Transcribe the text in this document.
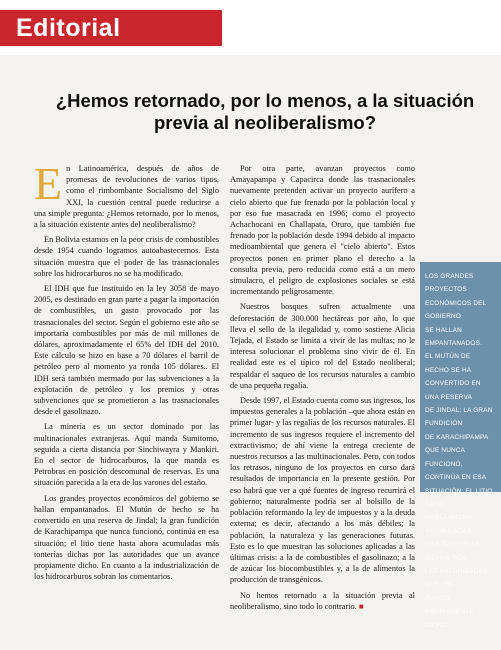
Editorial
¿Hemos retornado, por lo menos, a la situación previa al neoliberalismo?

En Latinoamérica, después de años de promesas de revoluciones de varios tipos, como el rimbombante Socialismo del Siglo XXI, la cuestión central puede reducirse a una simple pregunta: ¿Hemos retornado, por lo menos, a la situación existente antes del neoliberalismo?

En Bolivia estamos en la peor crisis de combustibles desde 1954 cuando logramos autoabastecernos. Esta situación muestra que el poder de las trasnacionales sobre los hidrocarburos no se ha modificado.

El IDH que fue instituido en la ley 3058 de mayo 2005, es destinado en gran parte a pagar la importación de combustibles, un gasto provocado por las trasnacionales del sector. Según el gobierno este año se importaría combustibles por más de mil millones de dólares, aproximadamente el 65% del IDH del 2010. Este cálculo se hizo en base a 70 dólares el barril de petróleo pero al momento ya ronda 105 dólares.. El IDH será también mermado por las subvenciones a la explotación de petróleo y los premios y otras subvenciones que se prometieron a las trasnacionales desde el gasolinazo.

La minería es un sector dominado por las multinacionales extranjeras. Aquí manda Sumitomo, seguida a cierta distancia por Sinchiwayra y Mankiri. En el sector de hidrocarburos, la que manda es Petrobras en posición descomunal de reservas. Es una situación parecida a la era de los varones del estaño.

Los grandes proyectos económicos del gobierno se hallan empantanados. El Mutún de hecho se ha convertido en una reserva de Jindal; la gran fundición de Karachipampa que nunca funcionó, continúa en esa situación; el litio tiene hasta ahora acumuladas más tonterías dichas por las autoridades que un avance propiamente dicho. En cuanto a la industrialización de los hidrocarburos sobran los comentarios.

Por otra parte, avanzan proyectos como Amayapampa y Capacirca donde las trasnacionales nuevamente pretenden activar un proyecto aurífero a cielo abierto que fue frenado por la población local y por eso fue masacrada en 1996; como el proyecto Achachocani en Challapata, Oruro, que también fue frenado por la población desde 1994 debido al impacto medioambiental que genera el "cielo abierto". Estos proyectos ponen en primer plano el derecho a la consulta previa, pero reducida como está a un mero simulacro, el peligro de explosiones sociales se está incrementando peligrosamente.

Nuestros bosques sufren actualmente una deforestación de 300.000 hectáreas por año, lo que lleva el sello de la ilegalidad y, como sostiene Alicia Tejada, el Estado se limita a vivir de las multas; no le interesa solucionar el problema sino vivir de él. En realidad este es el típico rol del Estado neoliberal; respaldar el saqueo de los recursos naturales a cambio de una pequeña regalía.

Desde 1997, el Estado cuenta como sus ingresos, los impuestos generales a la población –que ahora están en primer lugar- y las regalías de los recursos naturales. El incremento de sus ingresos requiere el incremento del extractivismo; de ahí viene la entrega creciente de nuestros recursos a las multinacionales. Pero, con todos los retrasos, ninguno de los proyectos en curso dará resultados de importancia en la presente gestión. Por eso habrá que ver a qué fuentes de ingreso recurrirá el gobierno; naturalmente podría ser al bolsillo de la población reformando la ley de impuestos y a la deuda externa; es decir, afectando a los más débiles; la población, la naturaleza y las generaciones futuras. Esto es lo que muestran las soluciones aplicadas a las últimas crisis: a la de combustibles el gasolinazo; a la de azúcar los biocombustibles y, a la de alimentos la producción de transgénicos.

No hemos retornado a la situación previa al neoliberalismo, sino todo lo contrario. ■

LOS GRANDES PROYECTOS
ECONÓMICOS DEL GOBIERNO
SE HALLAN EMPANTANADOS.
EL MUTÚN DE HECHO SE HA
CONVERTIDO EN UNA RESERVA
DE JINDAL; LA GRAN FUNDICIÓN
DE KARACHIPAMPA QUE NUNCA
FUNCIONÓ, CONTINÚA EN ESA
SITUACIÓN; EL LITIO TIENE
HASTA AHORA ACUMULADAS
MÁS TONTERÍAS DICHAS POR
LAS AUTORIDADES QUE UN
AVANCE PROPIAMENTE DICHO.
